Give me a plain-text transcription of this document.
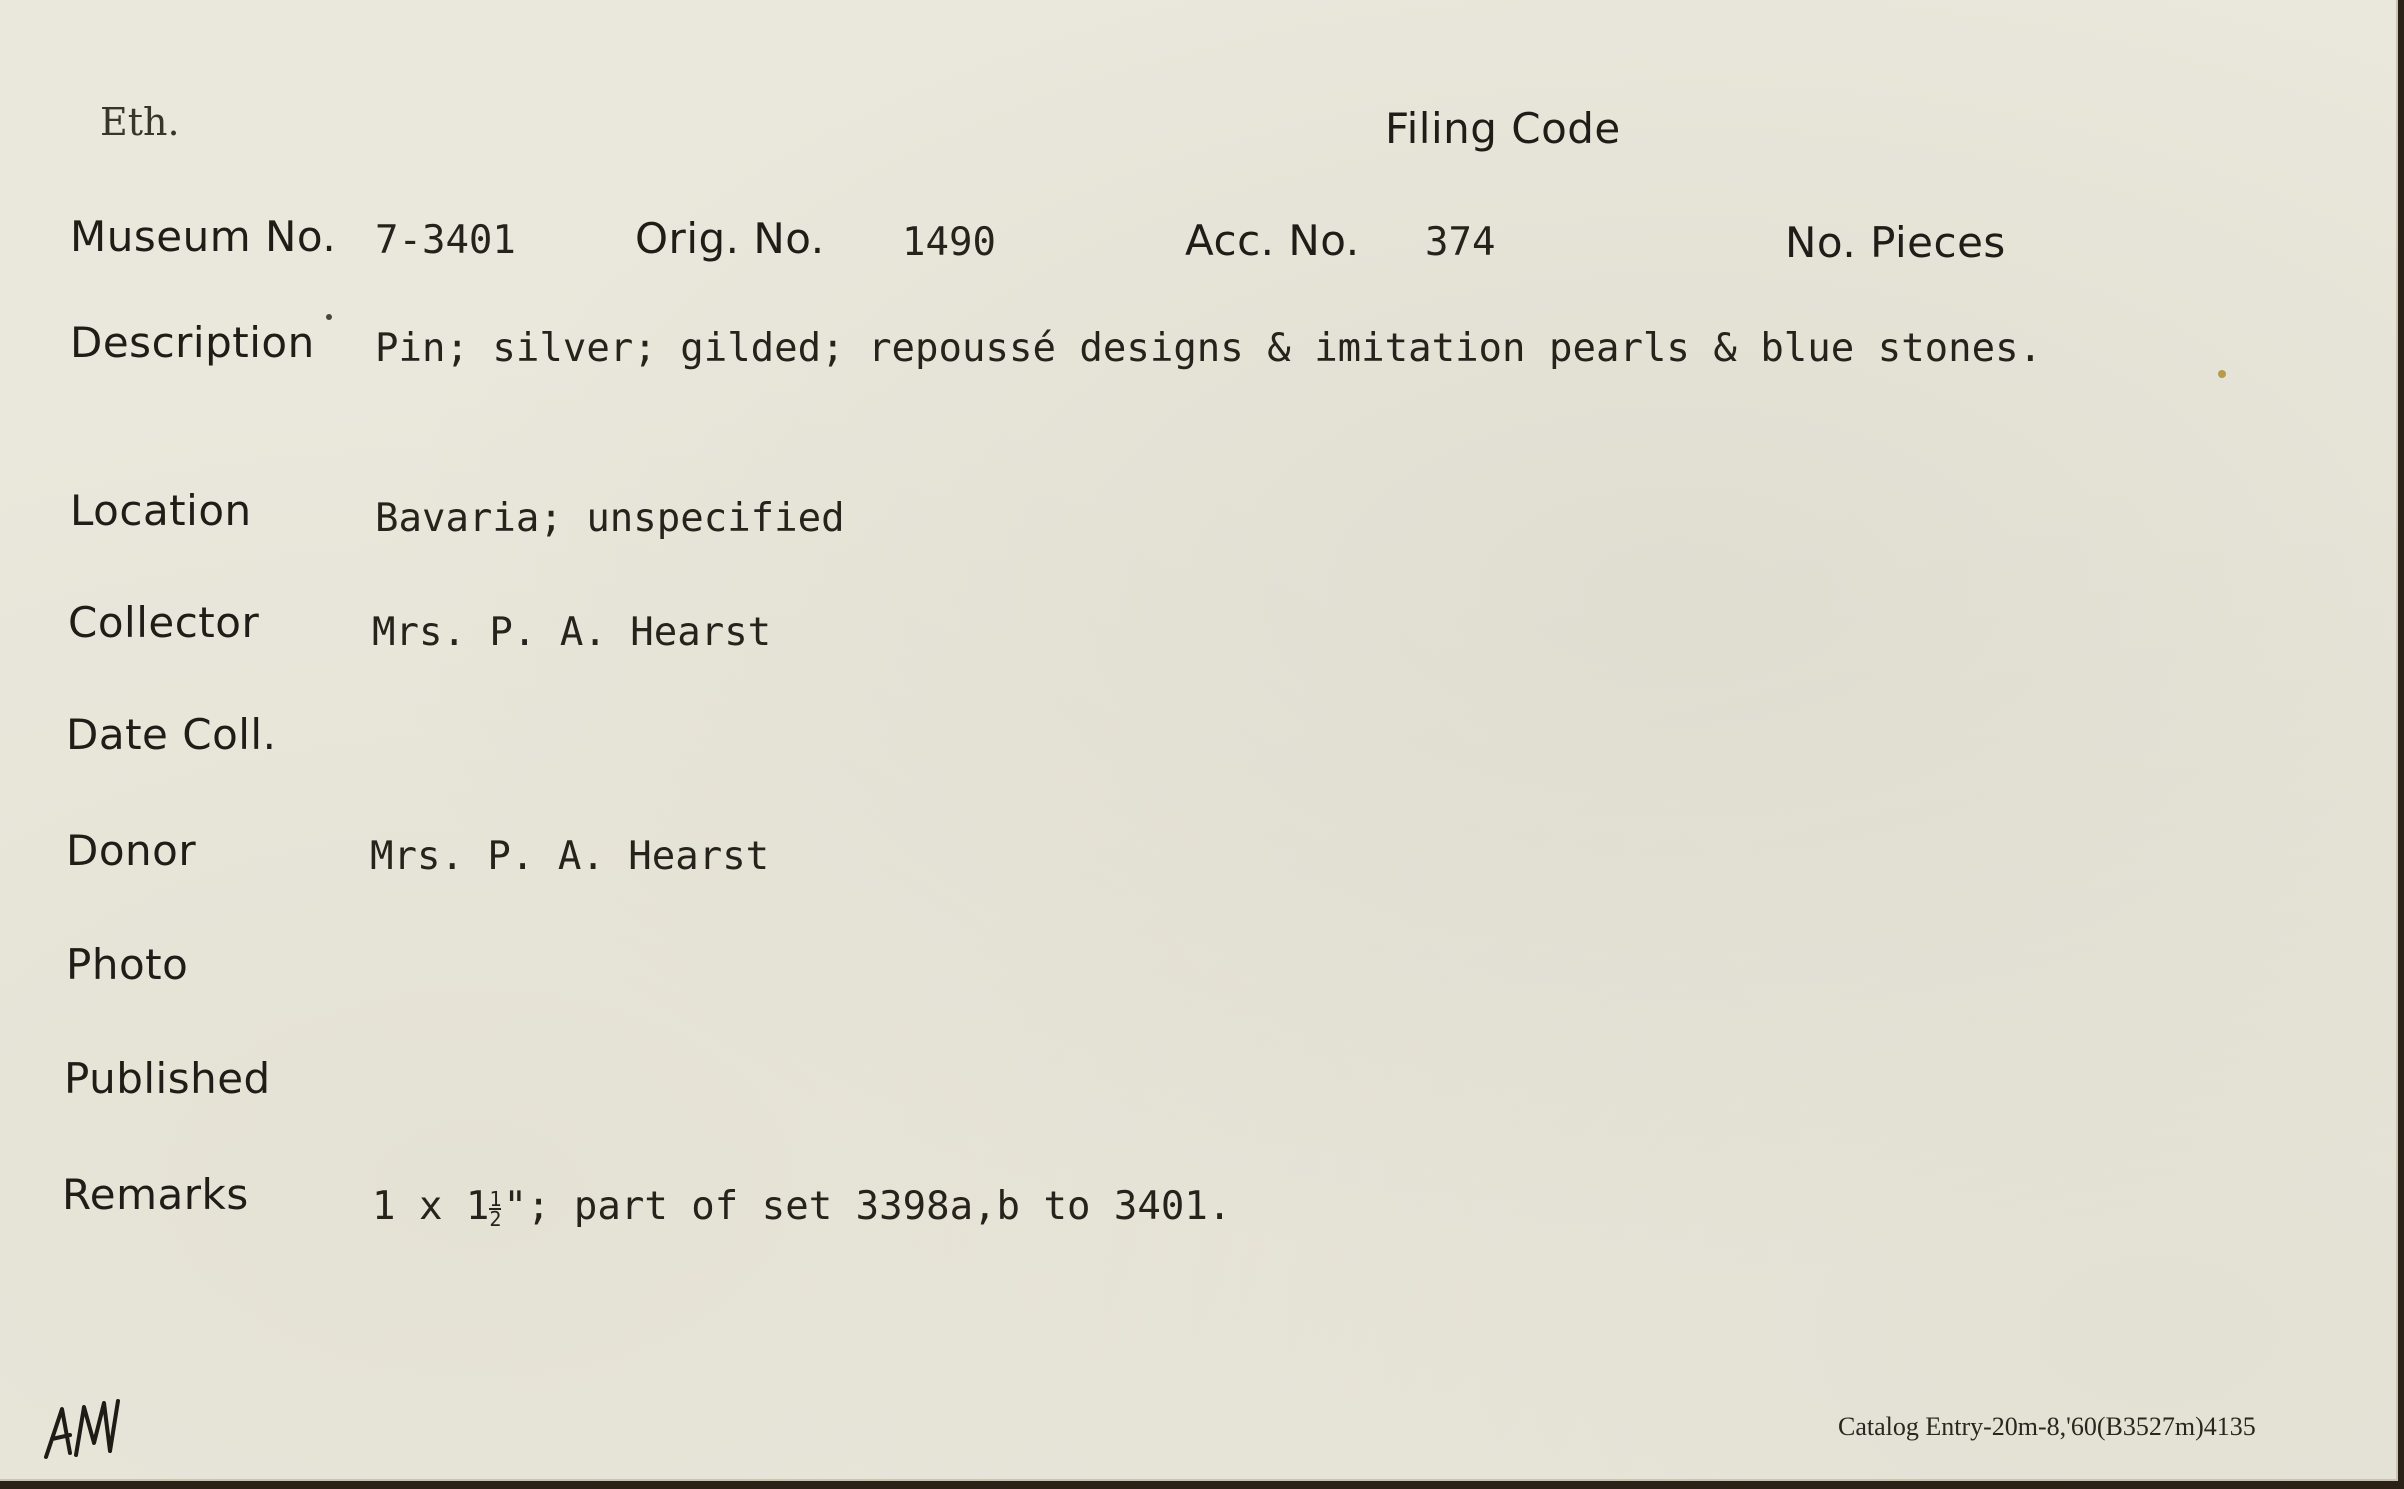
Eth.	Filing Code
Museum No. 7-3401	Orig. No. 1490	Acc. No. 374	No. Pieces
Description Pin; silver; gilded; repoussé designs & imitation pearls & blue stones.
Location	Bavaria; unspecified
Collector	Mrs. P. A. Hearst
Date Coll.
Donor	Mrs. P. A. Hearst
Photo
Published
Remarks	1 x $1 \frac{1}{2}$ "; part of set 3398a,b to 3401.
Catalog Entry-20m-8,'60(B3527m)4135
